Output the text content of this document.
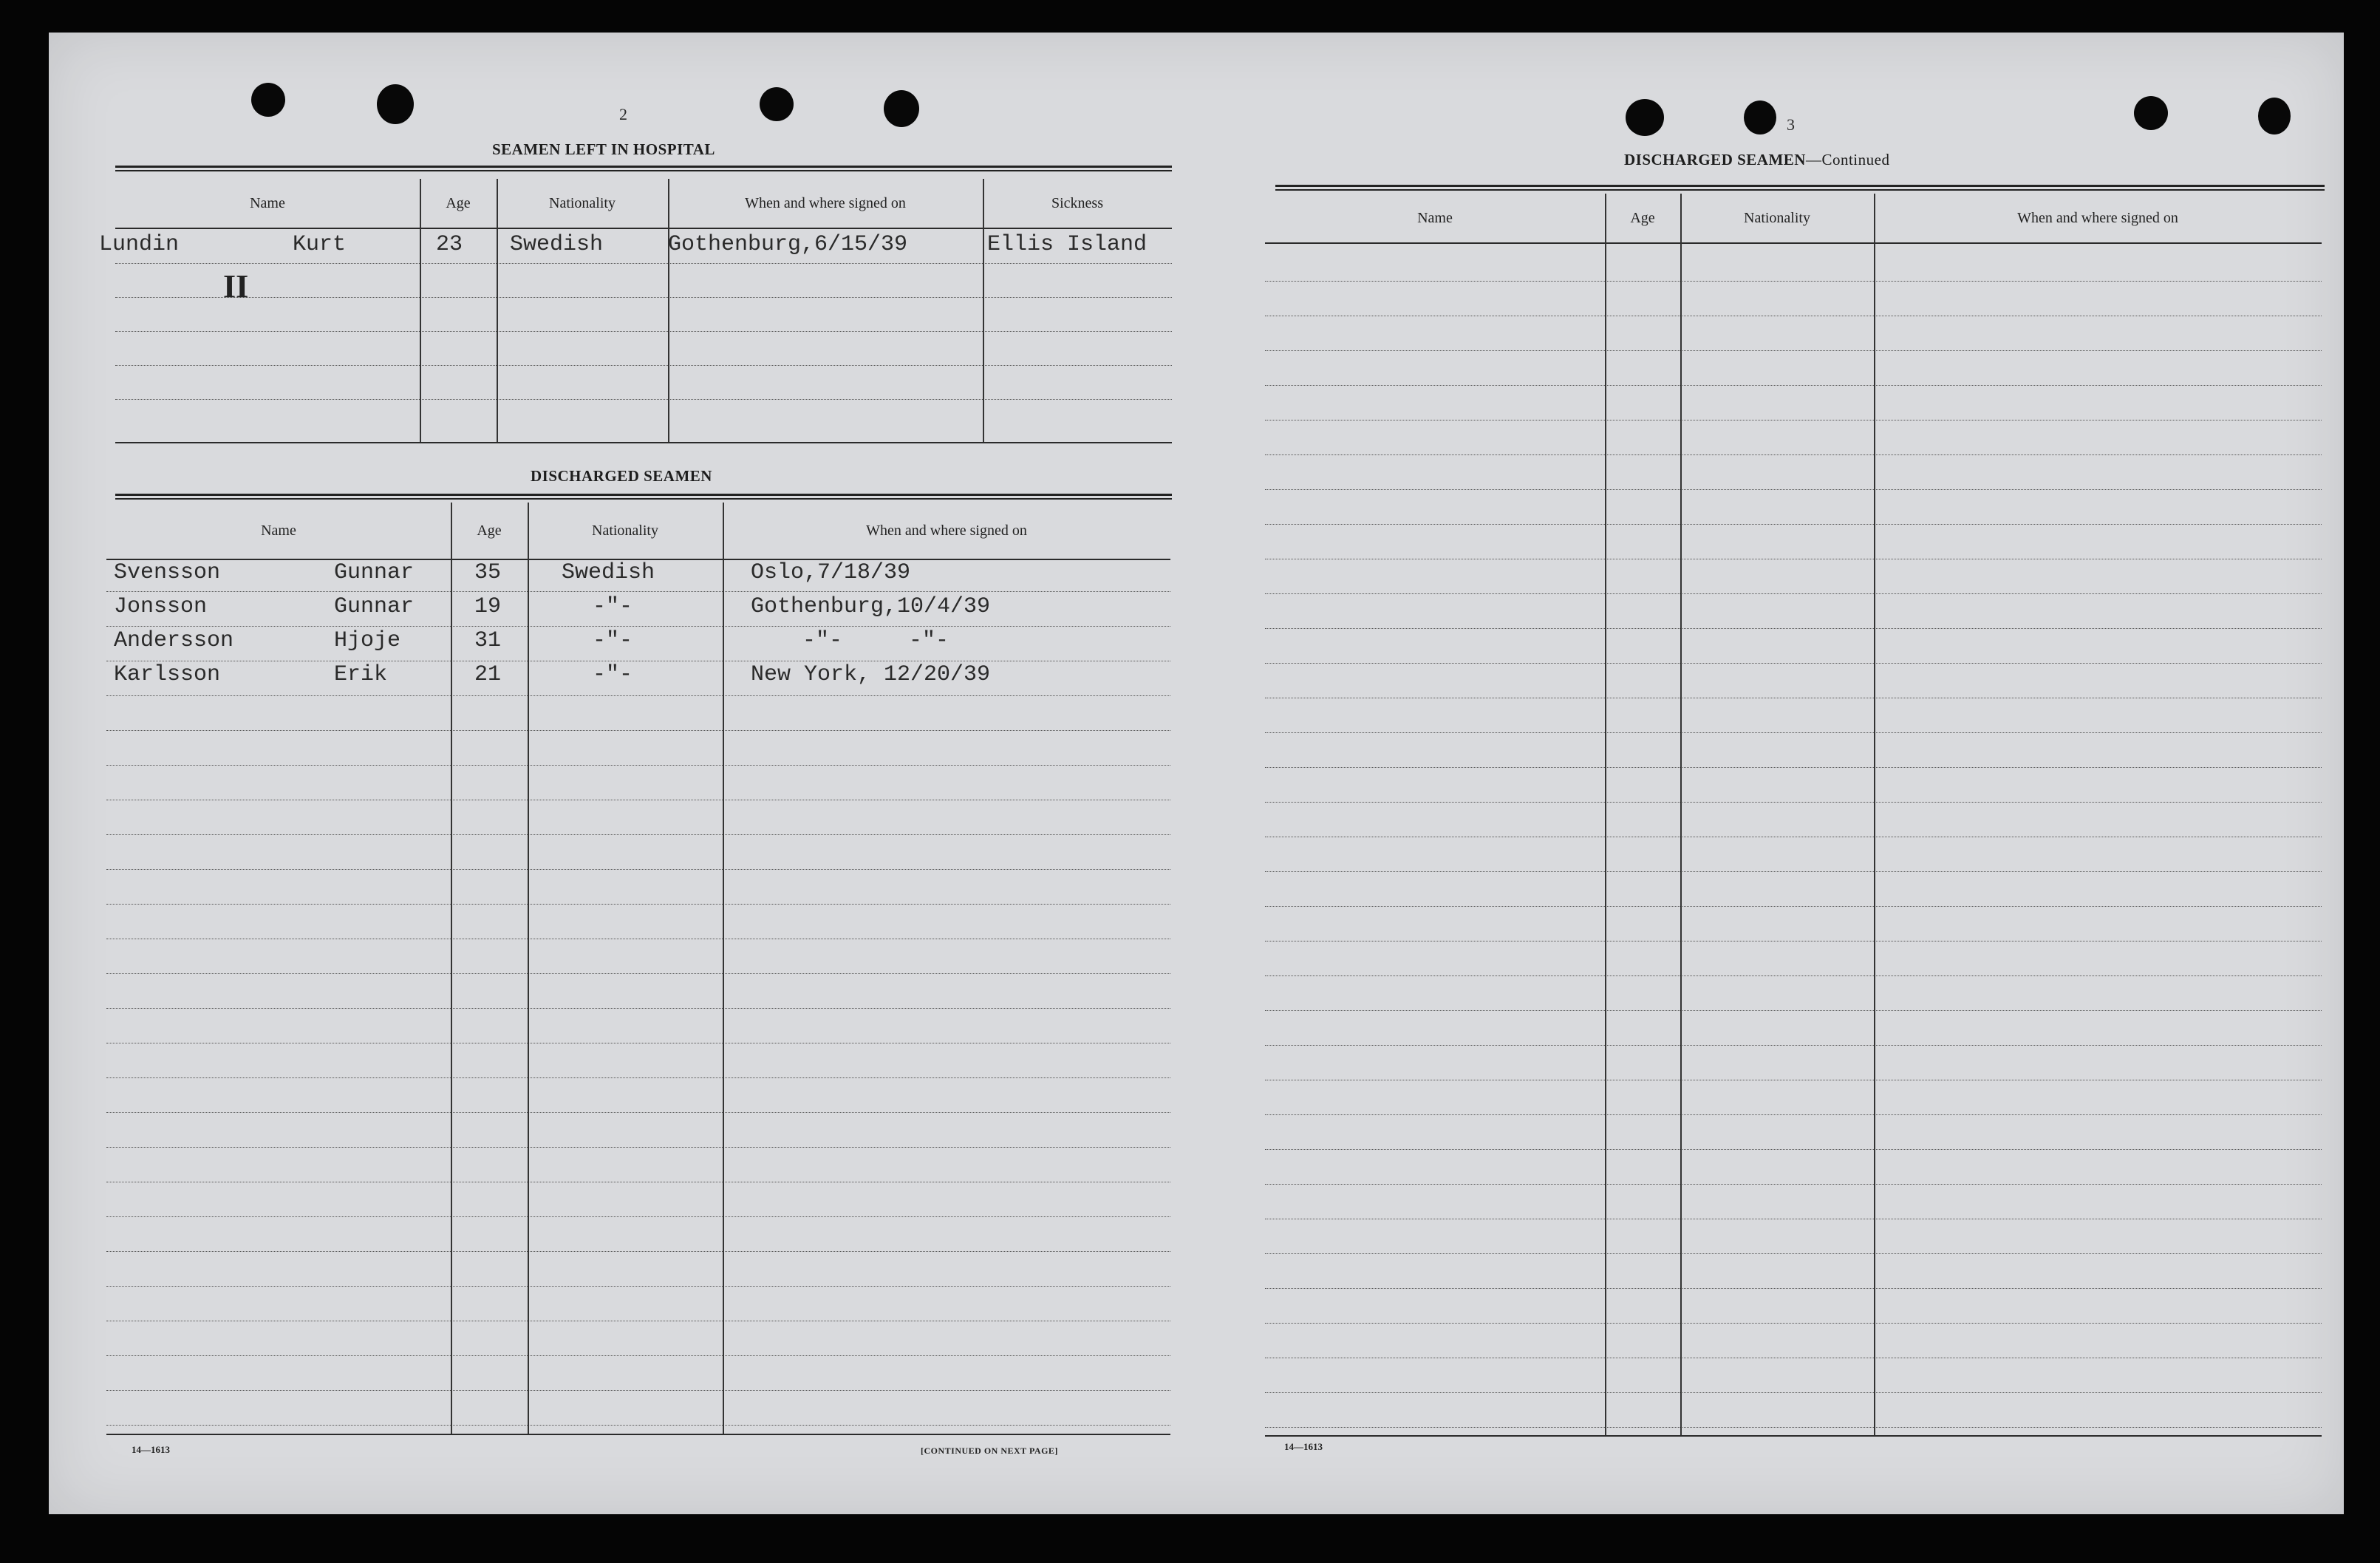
2
SEAMEN LEFT IN HOSPITAL
Name	Age	Nationality	When and where signed on	Sickness
Lundin	Kurt	23 Swedish	Gothenburg,6/15/39	Ellis Island
II
DISCHARGED SEAMEN
Name	Age	Nationality	When and where signed on
Svensson	Gunnar	35	Swedish	Oslo,7/18/39
Jonsson	Gunnar	19	-"-	Gothenburg,10/4/39
Andersson	Hjoje	31	-"-	-"-     -"-
Karlsson	Erik	21	-"-	New York, 12/20/39
14—1613	[CONTINUED ON NEXT PAGE]
3
DISCHARGED SEAMEN—Continued
Name	Age	Nationality	When and where signed on
14—1613
